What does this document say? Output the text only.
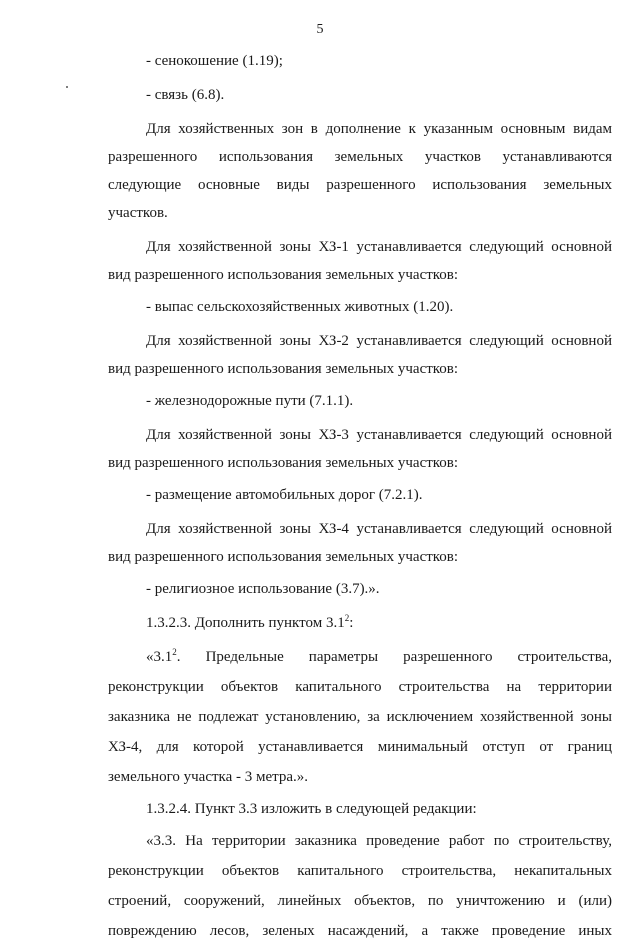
5
- сенокошение (1.19);
- связь (6.8).
Для хозяйственных зон в дополнение к указанным основным видам
разрешенного использования земельных участков устанавливаются
следующие основные виды разрешенного использования земельных
участков.
Для хозяйственной зоны ХЗ-1 устанавливается следующий основной
вид разрешенного использования земельных участков:
- выпас сельскохозяйственных животных (1.20).
Для хозяйственной зоны ХЗ-2 устанавливается следующий основной
вид разрешенного использования земельных участков:
- железнодорожные пути (7.1.1).
Для хозяйственной зоны ХЗ-3 устанавливается следующий основной
вид разрешенного использования земельных участков:
- размещение автомобильных дорог (7.2.1).
Для хозяйственной зоны ХЗ-4 устанавливается следующий основной
вид разрешенного использования земельных участков:
- религиозное использование (3.7).».
1.3.2.3. Дополнить пунктом $3.1^2$:
«$3.1^2$. Предельные параметры разрешенного строительства,
реконструкции объектов капитального строительства на территории
заказника не подлежат установлению, за исключением хозяйственной зоны
ХЗ-4, для которой устанавливается минимальный отступ от границ
земельного участка - 3 метра.».
1.3.2.4. Пункт 3.3 изложить в следующей редакции:
«3.3. На территории заказника проведение работ по строительству,
реконструкции объектов капитального строительства, некапитальных
строений, сооружений, линейных объектов, по уничтожению и (или)
повреждению лесов, зеленых насаждений, а также проведение иных
